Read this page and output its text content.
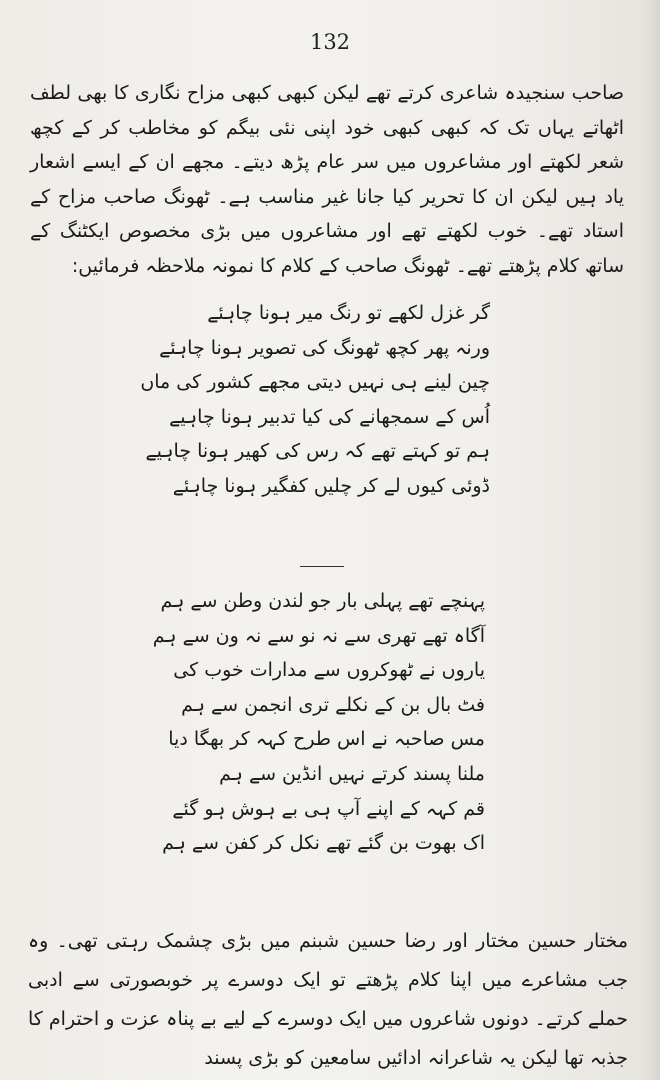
132

صاحب سنجیدہ شاعری کرتے تھے لیکن کبھی کبھی مزاح نگاری کا بھی لطف اٹھاتے یہاں تک کہ کبھی کبھی خود اپنی نئی بیگم کو مخاطب کر کے کچھ شعر لکھتے اور مشاعروں میں سر عام پڑھ دیتے۔ مجھے ان کے ایسے اشعار یاد ہیں لیکن ان کا تحریر کیا جانا غیر مناسب ہے۔ ٹھونگ صاحب مزاح کے استاد تھے۔ خوب لکھتے تھے اور مشاعروں میں بڑی مخصوص ایکٹنگ کے ساتھ کلام پڑھتے تھے۔ ٹھونگ صاحب کے کلام کا نمونہ ملاحظہ فرمائیں:

گر غزل لکھے تو رنگ میر ہونا چاہئے
ورنہ پھر کچھ ٹھونگ کی تصویر ہونا چاہئے
چین لینے ہی نہیں دیتی مجھے کشور کی ماں
اُس کے سمجھانے کی کیا تدبیر ہونا چاہیے
ہم تو کہتے تھے کہ رس کی کھیر ہونا چاہیے
ڈوئی کیوں لے کر چلیں کفگیر ہونا چاہئے
پہنچے تھے پہلی بار جو لندن وطن سے ہم
آگاہ تھے تھری سے نہ نو سے نہ ون سے ہم
یاروں نے ٹھوکروں سے مدارات خوب کی
فٹ بال بن کے نکلے تری انجمن سے ہم
مس صاحبہ نے اس طرح کہہ کر بھگا دیا
ملنا پسند کرتے نہیں انڈین سے ہم
قم کہہ کے اپنے آپ ہی بے ہوش ہو گئے
اک بھوت بن گئے تھے نکل کر کفن سے ہم

مختار حسین مختار اور رضا حسین شبنم میں بڑی چشمک رہتی تھی۔ وہ جب مشاعرے میں اپنا کلام پڑھتے تو ایک دوسرے پر خوبصورتی سے ادبی حملے کرتے۔ دونوں شاعروں میں ایک دوسرے کے لیے بے پناہ عزت و احترام کا جذبہ تھا لیکن یہ شاعرانہ ادائیں سامعین کو بڑی پسند
